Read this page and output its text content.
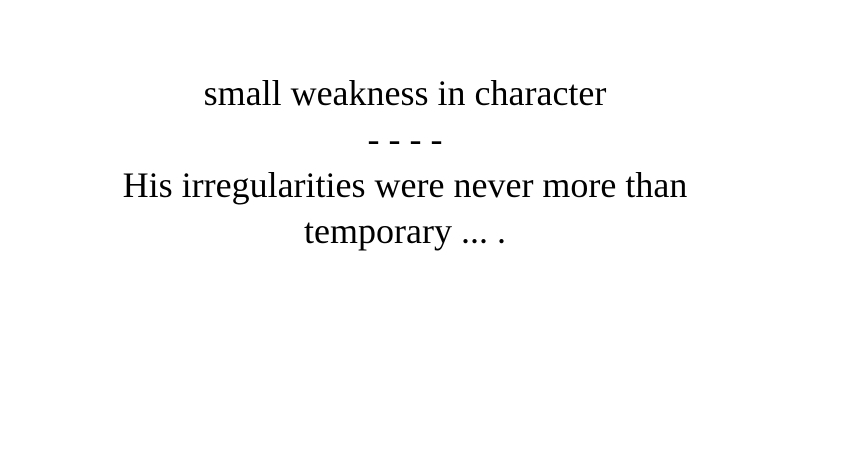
small weakness in character
- - - -
His irregularities were never more than temporary ... .
